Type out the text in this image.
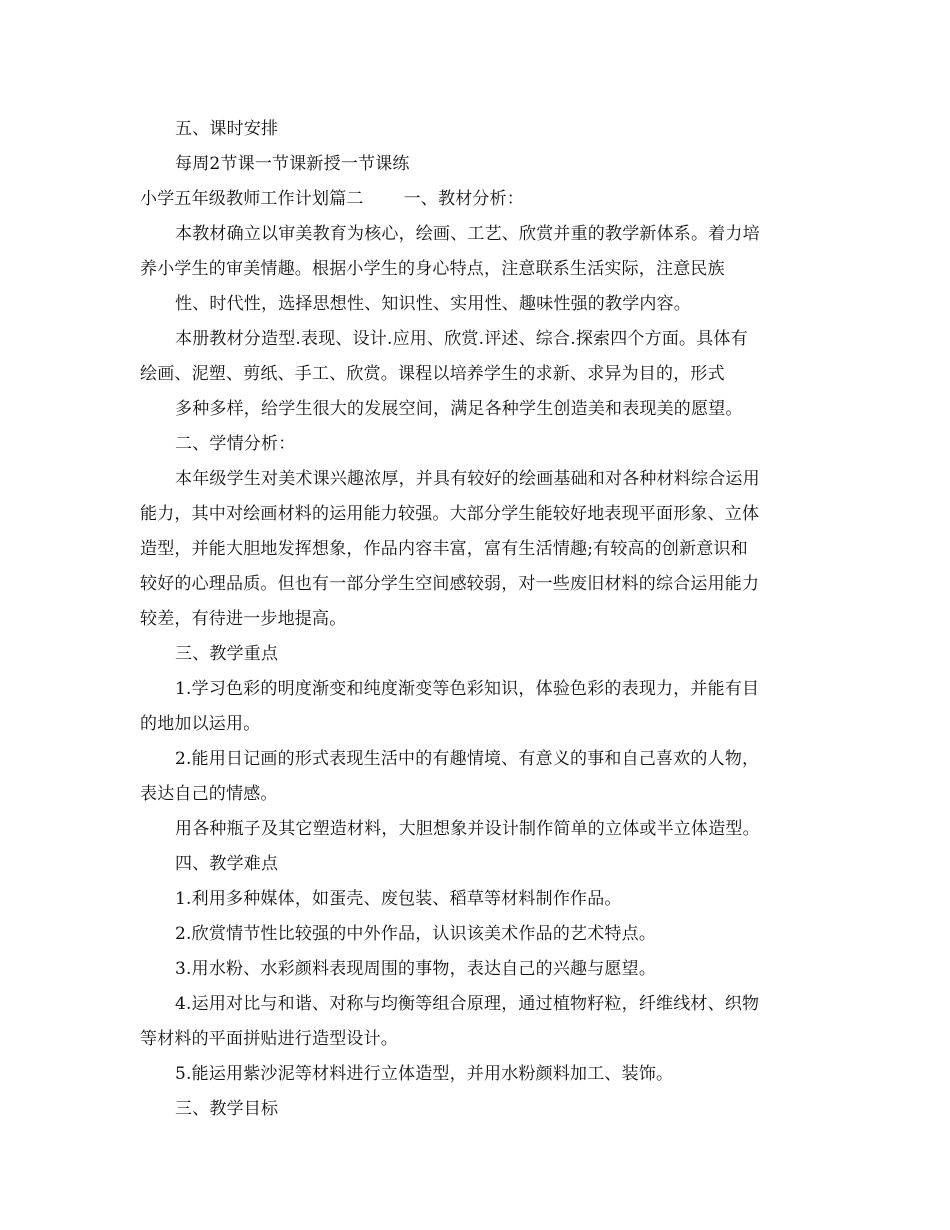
五、课时安排
每周2节课一节课新授一节课练
小学五年级教师工作计划篇二 一、教材分析：
本教材确立以审美教育为核心，绘画、工艺、欣赏并重的教学新体系。着力培
养小学生的审美情趣。根据小学生的身心特点，注意联系生活实际，注意民族
性、时代性，选择思想性、知识性、实用性、趣味性强的教学内容。
本册教材分造型.表现、设计.应用、欣赏.评述、综合.探索四个方面。具体有
绘画、泥塑、剪纸、手工、欣赏。课程以培养学生的求新、求异为目的，形式
多种多样，给学生很大的发展空间，满足各种学生创造美和表现美的愿望。
二、学情分析：
本年级学生对美术课兴趣浓厚，并具有较好的绘画基础和对各种材料综合运用
能力，其中对绘画材料的运用能力较强。大部分学生能较好地表现平面形象、立体
造型，并能大胆地发挥想象，作品内容丰富，富有生活情趣;有较高的创新意识和
较好的心理品质。但也有一部分学生空间感较弱，对一些废旧材料的综合运用能力
较差，有待进一步地提高。
三、教学重点
1.学习色彩的明度渐变和纯度渐变等色彩知识，体验色彩的表现力，并能有目
的地加以运用。
2.能用日记画的形式表现生活中的有趣情境、有意义的事和自己喜欢的人物，
表达自己的情感。
用各种瓶子及其它塑造材料，大胆想象并设计制作简单的立体或半立体造型。
四、教学难点
1.利用多种媒体，如蛋壳、废包装、稻草等材料制作作品。
2.欣赏情节性比较强的中外作品，认识该美术作品的艺术特点。
3.用水粉、水彩颜料表现周围的事物，表达自己的兴趣与愿望。
4.运用对比与和谐、对称与均衡等组合原理，通过植物籽粒，纤维线材、织物
等材料的平面拼贴进行造型设计。
5.能运用紫沙泥等材料进行立体造型，并用水粉颜料加工、装饰。
三、教学目标
